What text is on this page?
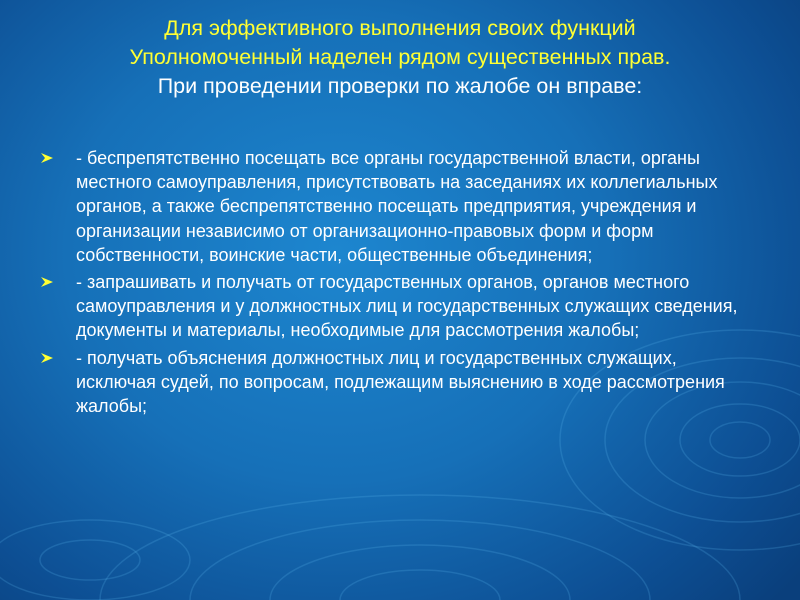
Для эффективного выполнения своих функций
Уполномоченный наделен рядом существенных прав.
При проведении проверки по жалобе он вправе:
- беспрепятственно посещать все органы государственной власти, органы местного самоуправления, присутствовать на заседаниях их коллегиальных органов, а также беспрепятственно посещать предприятия, учреждения и организации независимо от организационно-правовых форм и форм собственности, воинские части, общественные объединения;
- запрашивать и получать от государственных органов, органов местного самоуправления и у должностных лиц и государственных служащих сведения, документы и материалы, необходимые для рассмотрения жалобы;
- получать объяснения должностных лиц и государственных служащих, исключая судей, по вопросам, подлежащим выяснению в ходе рассмотрения жалобы;
